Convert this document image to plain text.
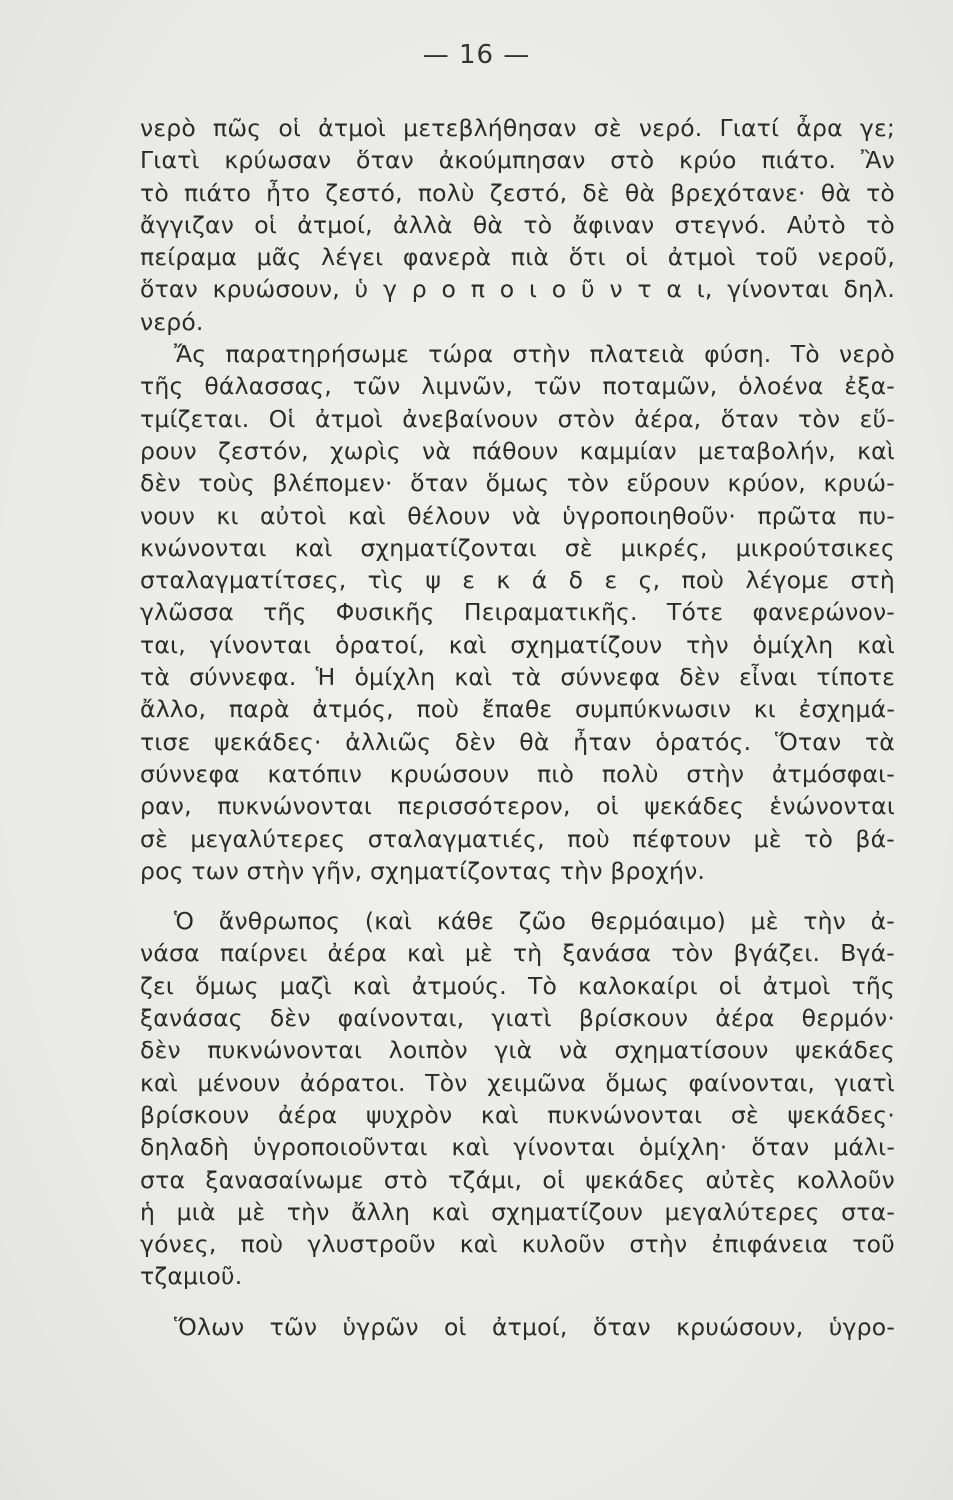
— 16 —
νερὸ πῶς οἱ ἀτμοὶ μετεβλήθησαν σὲ νερό. Γιατί ἆρα γε;
Γιατὶ κρύωσαν ὅταν ἀκούμπησαν στὸ κρύο πιάτο. Ἂν
τὸ πιάτο ἦτο ζεστό, πολὺ ζεστό, δὲ θὰ βρεχότανε· θὰ τὸ
ἄγγιζαν οἱ ἀτμοί, ἀλλὰ θὰ τὸ ἄφιναν στεγνό. Αὐτὸ τὸ
πείραμα μᾶς λέγει φανερὰ πιὰ ὅτι οἱ ἀτμοὶ τοῦ νεροῦ,
ὅταν κρυώσουν, ὑ γ ρ ο π ο ι ο ῦ ν τ α ι, γίνονται δηλ.
νερό.
Ἄς παρατηρήσωμε τώρα στὴν πλατειὰ φύση. Τὸ νερὸ
τῆς θάλασσας, τῶν λιμνῶν, τῶν ποταμῶν, ὁλοένα ἐξα-
τμίζεται. Οἱ ἀτμοὶ ἀνεβαίνουν στὸν ἀέρα, ὅταν τὸν εὕ-
ρουν ζεστόν, χωρὶς νὰ πάθουν καμμίαν μεταβολήν, καὶ
δὲν τοὺς βλέπομεν· ὅταν ὅμως τὸν εὕρουν κρύον, κρυώ-
νουν κι αὐτοὶ καὶ θέλουν νὰ ὑγροποιηθοῦν· πρῶτα πυ-
κνώνονται καὶ σχηματίζονται σὲ μικρές, μικρούτσικες
σταλαγματίτσες, τὶς ψ ε κ ά δ ε ς, ποὺ λέγομε στὴ
γλῶσσα τῆς Φυσικῆς Πειραματικῆς. Τότε φανερώνον-
ται, γίνονται ὁρατοί, καὶ σχηματίζουν τὴν ὁμίχλη καὶ
τὰ σύννεφα. Ἡ ὁμίχλη καὶ τὰ σύννεφα δὲν εἶναι τίποτε
ἄλλο, παρὰ ἀτμός, ποὺ ἔπαθε συμπύκνωσιν κι ἐσχημά-
τισε ψεκάδες· ἀλλιῶς δὲν θὰ ἦταν ὁρατός. Ὅταν τὰ
σύννεφα κατόπιν κρυώσουν πιὸ πολὺ στὴν ἀτμόσφαι-
ραν, πυκνώνονται περισσότερον, οἱ ψεκάδες ἑνώνονται
σὲ μεγαλύτερες σταλαγματιές, ποὺ πέφτουν μὲ τὸ βά-
ρος των στὴν γῆν, σχηματίζοντας τὴν βροχήν.
Ὁ ἄνθρωπος (καὶ κάθε ζῶο θερμόαιμο) μὲ τὴν ἀ-
νάσα παίρνει ἀέρα καὶ μὲ τὴ ξανάσα τὸν βγάζει. Βγά-
ζει ὅμως μαζὶ καὶ ἀτμούς. Τὸ καλοκαίρι οἱ ἀτμοὶ τῆς
ξανάσας δὲν φαίνονται, γιατὶ βρίσκουν ἀέρα θερμόν·
δὲν πυκνώνονται λοιπὸν γιὰ νὰ σχηματίσουν ψεκάδες
καὶ μένουν ἀόρατοι. Τὸν χειμῶνα ὅμως φαίνονται, γιατὶ
βρίσκουν ἀέρα ψυχρὸν καὶ πυκνώνονται σὲ ψεκάδες·
δηλαδὴ ὑγροποιοῦνται καὶ γίνονται ὁμίχλη· ὅταν μάλι-
στα ξανασαίνωμε στὸ τζάμι, οἱ ψεκάδες αὐτὲς κολλοῦν
ἡ μιὰ μὲ τὴν ἄλλη καὶ σχηματίζουν μεγαλύτερες στα-
γόνες, ποὺ γλυστροῦν καὶ κυλοῦν στὴν ἐπιφάνεια τοῦ
τζαμιοῦ.
Ὅλων τῶν ὑγρῶν οἱ ἀτμοί, ὅταν κρυώσουν, ὑγρο-
